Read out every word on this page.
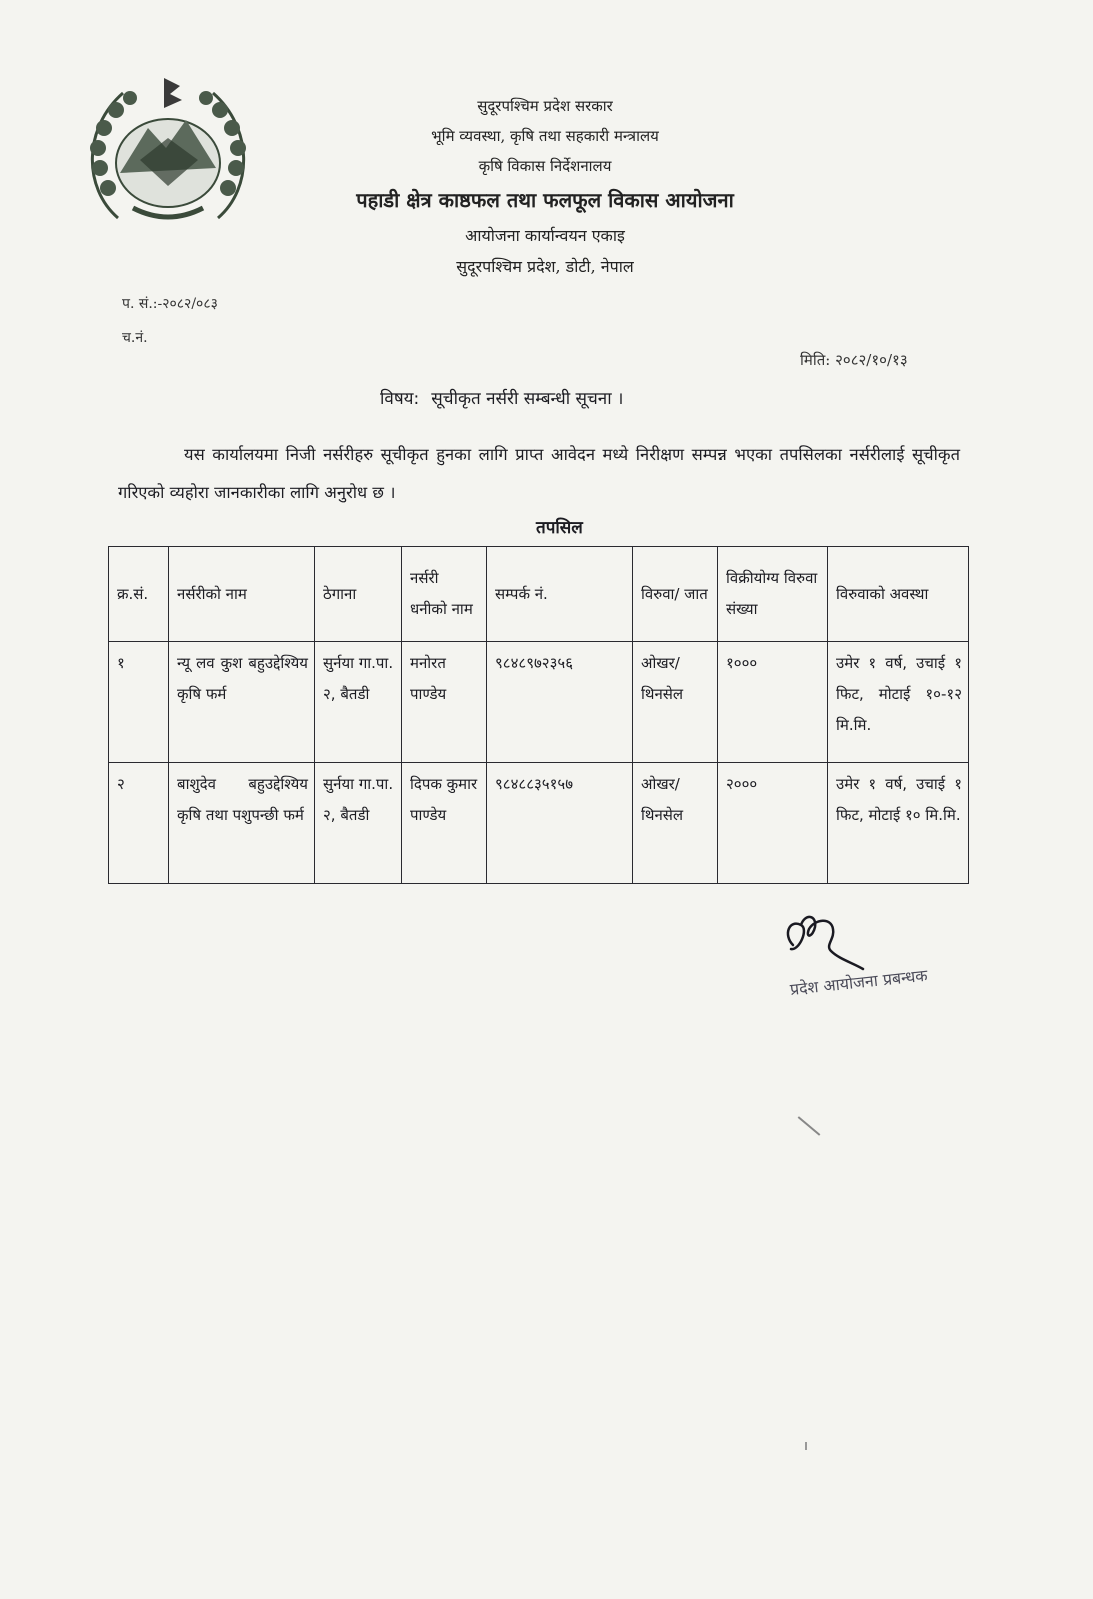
सुदूरपश्चिम प्रदेश सरकार
भूमि व्यवस्था, कृषि तथा सहकारी मन्त्रालय
कृषि विकास निर्देशनालय
पहाडी क्षेत्र काष्ठफल तथा फलफूल विकास आयोजना
आयोजना कार्यान्वयन एकाइ
सुदूरपश्चिम प्रदेश, डोटी, नेपाल
प. सं.:-२०८२/०८३
च.नं.
मिति: २०८२/१०/१३
विषय: सूचीकृत नर्सरी सम्बन्धी सूचना ।
यस कार्यालयमा निजी नर्सरीहरु सूचीकृत हुनका लागि प्राप्त आवेदन मध्ये निरीक्षण सम्पन्न भएका तपसिलका नर्सरीलाई सूचीकृत गरिएको व्यहोरा जानकारीका लागि अनुरोध छ ।
तपसिल
क्र.सं.	नर्सरीको नाम	ठेगाना	नर्सरी धनीको नाम	सम्पर्क नं.	विरुवा/ जात	विक्रीयोग्य विरुवा संख्या	विरुवाको अवस्था
१	न्यू लव कुश बहुउद्देश्यिय कृषि फर्म	सुर्नया गा.पा. २, बैतडी	मनोरत पाण्डेय	९८४८९७२३५६	ओखर/ थिनसेल	१०००	उमेर १ वर्ष, उचाई १ फिट, मोटाई १०-१२ मि.मि.
२	बाशुदेव बहुउद्देश्यिय कृषि तथा पशुपन्छी फर्म	सुर्नया गा.पा. २, बैतडी	दिपक कुमार पाण्डेय	९८४८८३५१५७	ओखर/ थिनसेल	२०००	उमेर १ वर्ष, उचाई १ फिट, मोटाई १० मि.मि.
प्रदेश आयोजना प्रबन्धक
